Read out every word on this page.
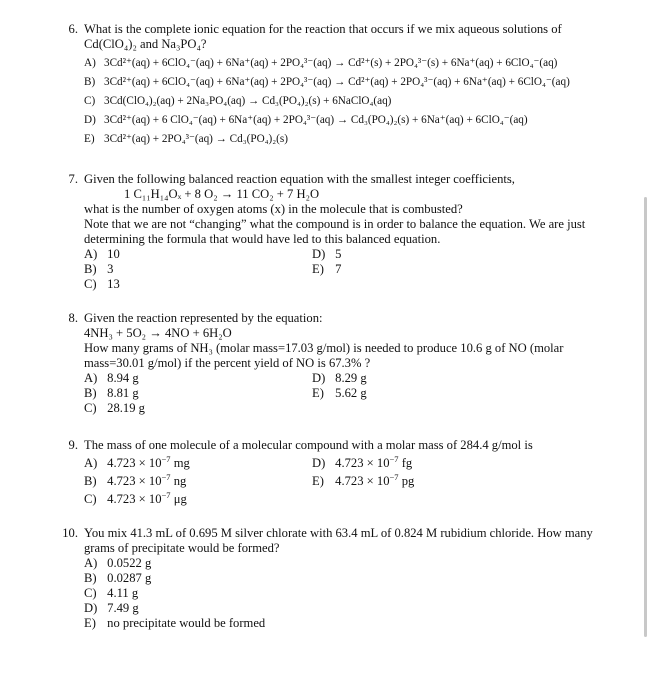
6. What is the complete ionic equation for the reaction that occurs if we mix aqueous solutions of Cd(ClO₄)₂ and Na₃PO₄?
A) 3Cd²⁺(aq) + 6ClO₄⁻(aq) + 6Na⁺(aq) + 2PO₄³⁻(aq) → Cd²⁺(s) + 2PO₄³⁻(s) + 6Na⁺(aq) + 6ClO₄⁻(aq)
B) 3Cd²⁺(aq) + 6ClO₄⁻(aq) + 6Na⁺(aq) + 2PO₄³⁻(aq) → Cd²⁺(aq) + 2PO₄³⁻(aq) + 6Na⁺(aq) + 6ClO₄⁻(aq)
C) 3Cd(ClO₄)₂(aq) + 2Na₃PO₄(aq) → Cd₃(PO₄)₂(s) + 6NaClO₄(aq)
D) 3Cd²⁺(aq) + 6 ClO₄⁻(aq) + 6Na⁺(aq) + 2PO₄³⁻(aq) → Cd₃(PO₄)₂(s) + 6Na⁺(aq) + 6ClO₄⁻(aq)
E) 3Cd²⁺(aq) + 2PO₄³⁻(aq) → Cd₃(PO₄)₂(s)
7. Given the following balanced reaction equation with the smallest integer coefficients,
1 C₁₁H₁₄Oₓ + 8 O₂ → 11 CO₂ + 7 H₂O
what is the number of oxygen atoms (x) in the molecule that is combusted?
Note that we are not “changing” what the compound is in order to balance the equation. We are just
determining the formula that would have led to this balanced equation.
A) 10	D) 5
B) 3	E) 7
C) 13
8. Given the reaction represented by the equation:
4NH₃ + 5O₂ → 4NO + 6H₂O
How many grams of NH₃ (molar mass=17.03 g/mol) is needed to produce 10.6 g of NO (molar
mass=30.01 g/mol) if the percent yield of NO is 67.3% ?
A) 8.94 g	D) 8.29 g
B) 8.81 g	E) 5.62 g
C) 28.19 g
9. The mass of one molecule of a molecular compound with a molar mass of 284.4 g/mol is
A) $4.723 \times 10^{-7}$ mg	D) $4.723 \times 10^{-7}$ fg
B) $4.723 \times 10^{-7}$ ng	E) $4.723 \times 10^{-7}$ pg
C) $4.723 \times 10^{-7}$ μg
10. You mix 41.3 mL of 0.695 M silver chlorate with 63.4 mL of 0.824 M rubidium chloride. How many
grams of precipitate would be formed?
A) 0.0522 g
B) 0.0287 g
C) 4.11 g
D) 7.49 g
E) no precipitate would be formed
